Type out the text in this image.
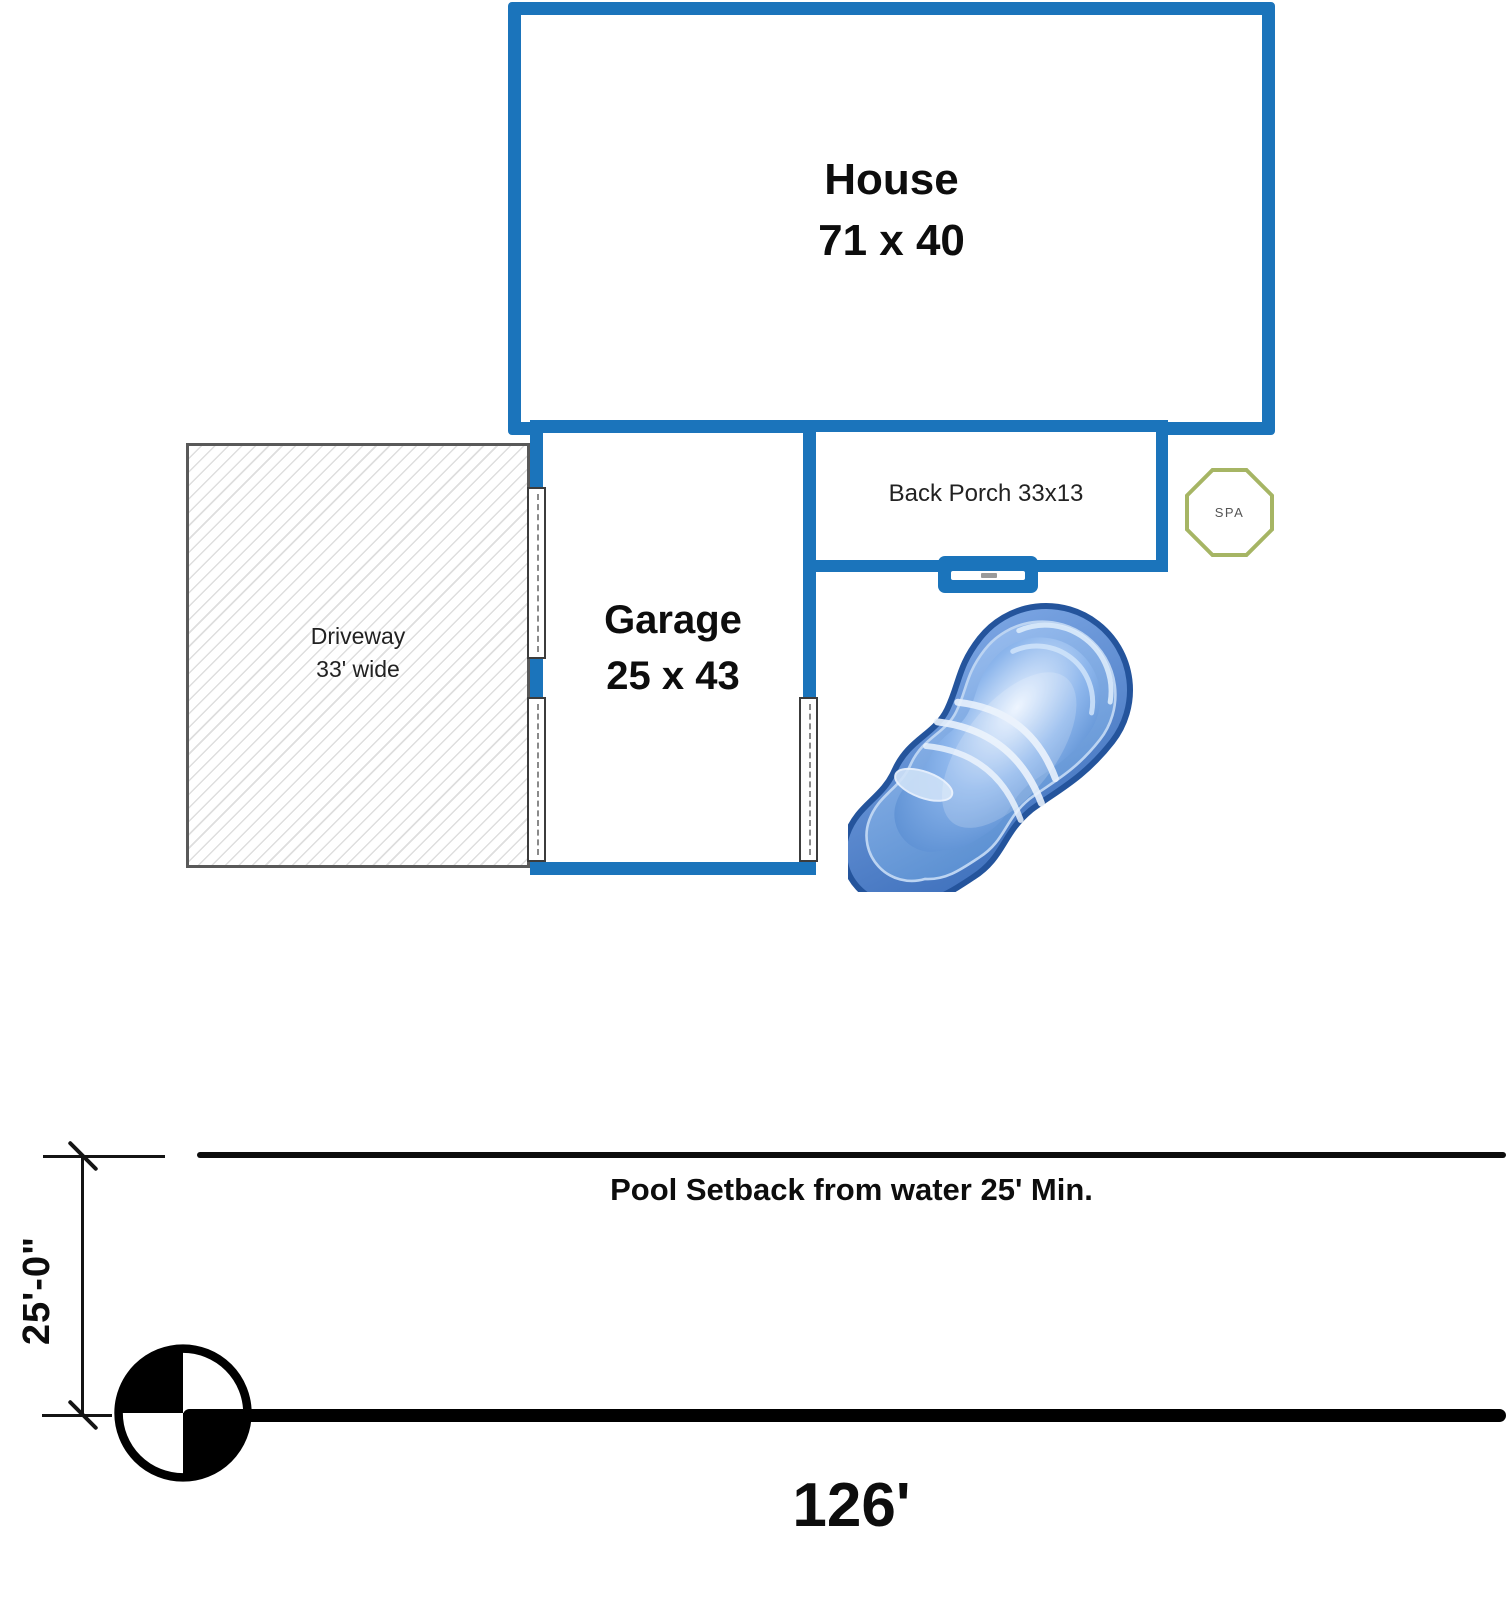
House
71 x 40
Back Porch 33x13
SPA
Driveway
33' wide
Garage
25 x 43
Pool Setback from water 25' Min.
25'-0"
126'
